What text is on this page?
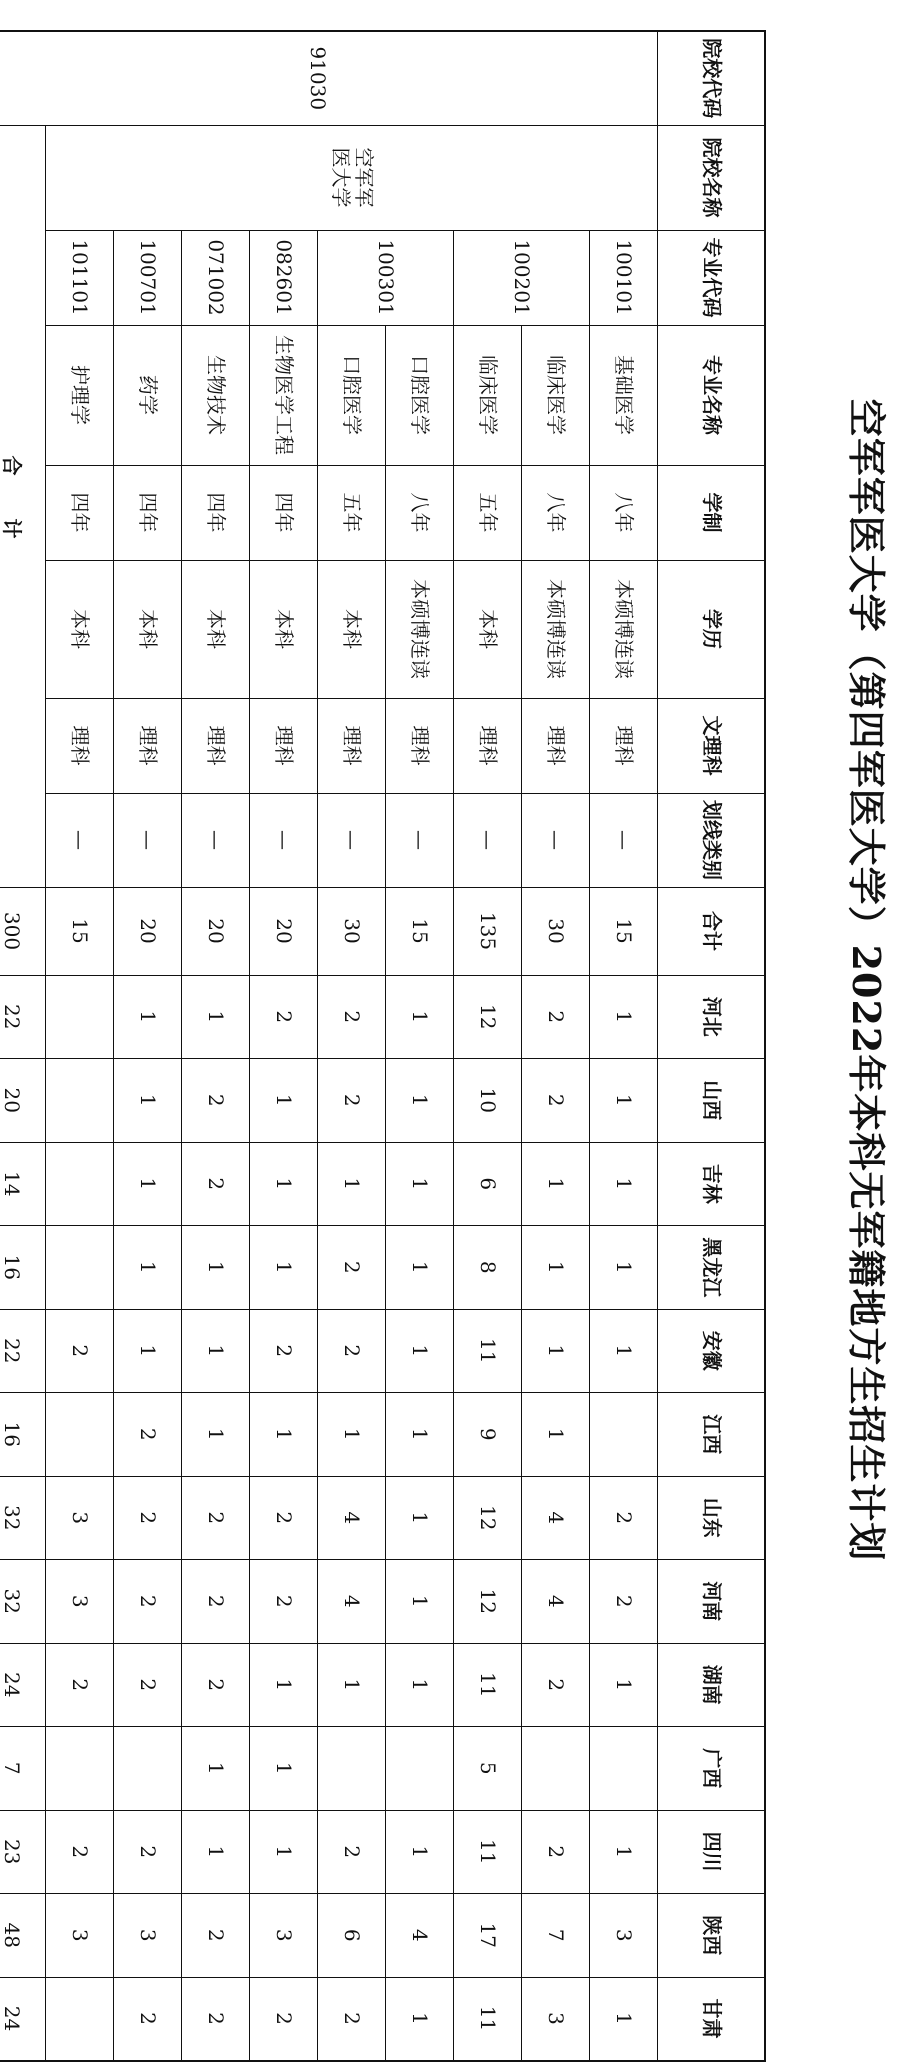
空军军医大学（第四军医大学）2022年本科无军籍地方生招生计划
院校代码	院校名称	专业代码	专业名称	学制	学历	文理科	划线类别	合计	河北	山西	吉林	黑龙江	安徽	江西	山东	河南	湖南	广西	四川	陕西	甘肃
91030	空军军医大学	100101	基础医学	八年	本硕博连读	理科	—	15	1	1	1	1	1		2	2	1		1	3	1
		100201	临床医学	八年	本硕博连读	理科	—	30	2	2	1	1	1	1	4	4	2		2	7	3
			临床医学	五年	本科	理科	—	135	12	10	6	8	11	9	12	12	11	5	11	17	11
		100301	口腔医学	八年	本硕博连读	理科	—	15	1	1	1	1	1	1	1	1	1		1	4	1
			口腔医学	五年	本科	理科	—	30	2	2	1	2	2	1	4	4	1		2	6	2
		082601	生物医学工程	四年	本科	理科	—	20	2	1	1	1	2	1	2	2	1	1	1	3	2
		071002	生物技术	四年	本科	理科	—	20	1	2	2	1	1	1	2	2	2	1	1	2	2
		100701	药学	四年	本科	理科	—	20	1	1	1	1	1	2	2	2	2		2	3	2
		101101	护理学	四年	本科	理科	—	15					2		3	3	2		2	3	
	合 计							300	22	20	14	16	22	16	32	32	24	7	23	48	24
